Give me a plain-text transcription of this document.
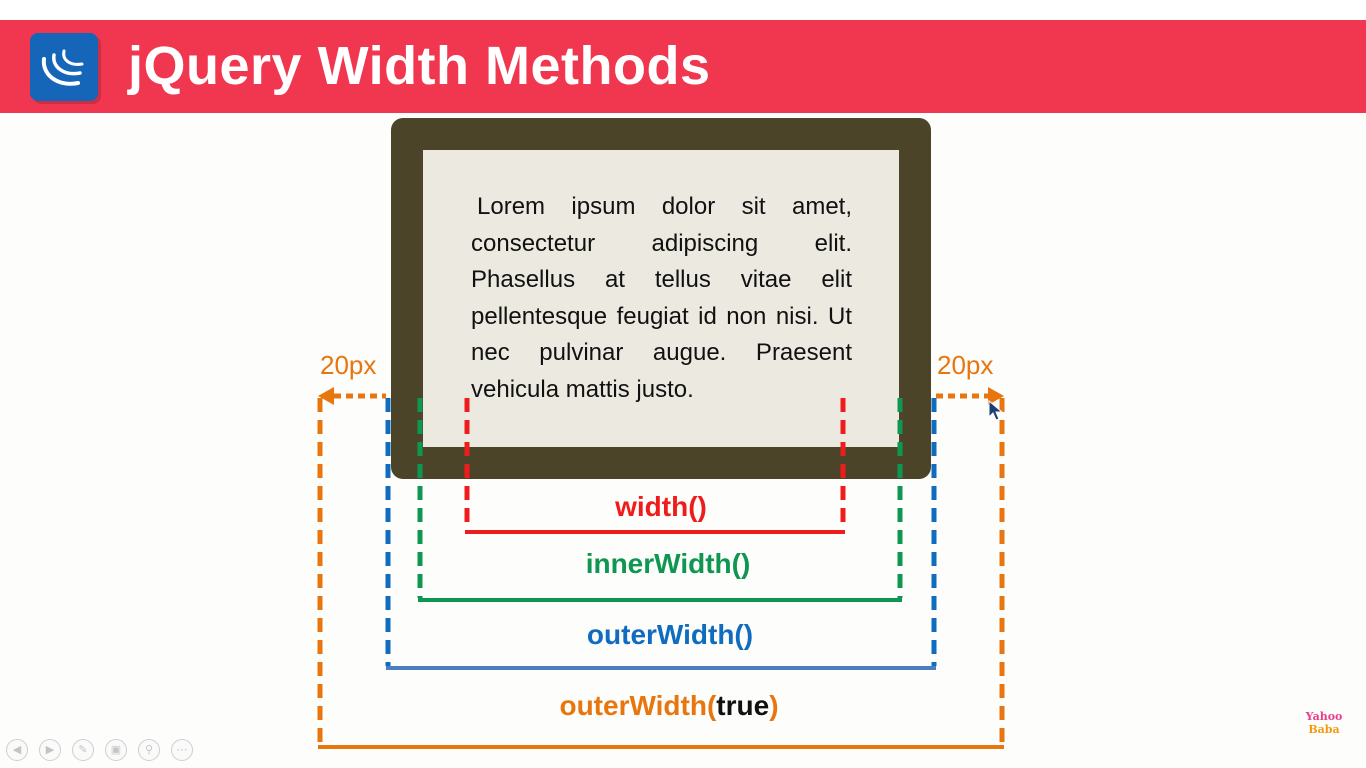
jQuery Width Methods
Lorem ipsum dolor sit amet, consectetur adipiscing elit. Phasellus at tellus vitae elit pellentesque feugiat id non nisi. Ut nec pulvinar augue. Praesent vehicula mattis justo.
20px	20px
width()
innerWidth()
outerWidth()
outerWidth(true)	Yahoo
Baba
◀	▶	✎	▣	⚲	⋯
